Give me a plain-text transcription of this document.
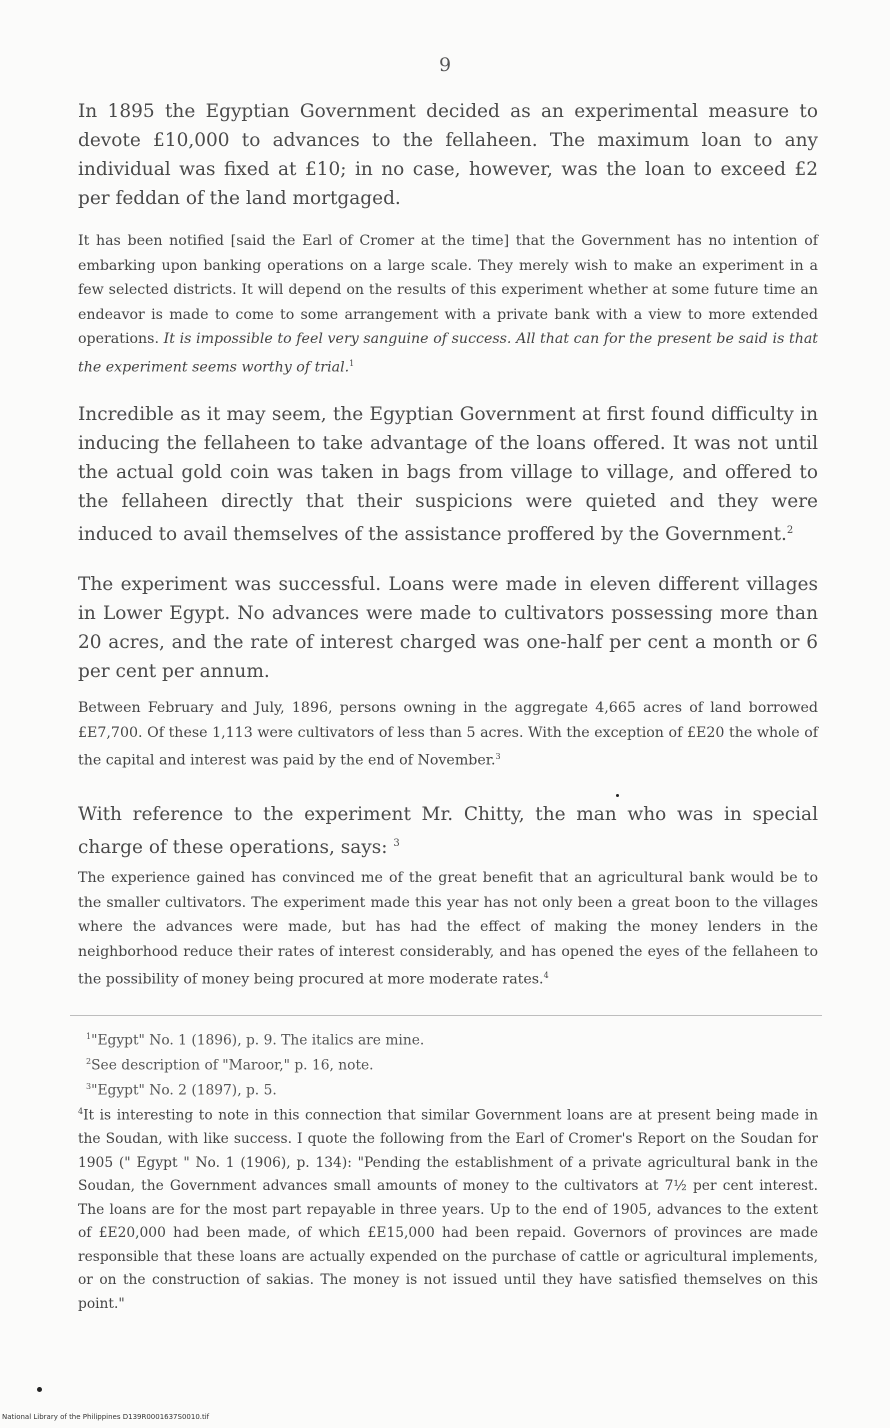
9

In 1895 the Egyptian Government decided as an experimental measure to devote £10,000 to advances to the fellaheen. The maximum loan to any individual was fixed at £10; in no case, however, was the loan to exceed £2 per feddan of the land mortgaged.

It has been notified [said the Earl of Cromer at the time] that the Government has no intention of embarking upon banking operations on a large scale. They merely wish to make an experiment in a few selected districts. It will depend on the results of this experiment whether at some future time an endeavor is made to come to some arrangement with a private bank with a view to more extended operations. It is impossible to feel very sanguine of success. All that can for the present be said is that the experiment seems worthy of trial.$^1$

Incredible as it may seem, the Egyptian Government at first found difficulty in inducing the fellaheen to take advantage of the loans offered. It was not until the actual gold coin was taken in bags from village to village, and offered to the fellaheen directly that their suspicions were quieted and they were induced to avail themselves of the assistance proffered by the Government.$^2$

The experiment was successful. Loans were made in eleven different villages in Lower Egypt. No advances were made to cultivators possessing more than 20 acres, and the rate of interest charged was one-half per cent a month or 6 per cent per annum.

Between February and July, 1896, persons owning in the aggregate 4,665 acres of land borrowed £E7,700. Of these 1,113 were cultivators of less than 5 acres. With the exception of £E20 the whole of the capital and interest was paid by the end of November.$^3$

With reference to the experiment Mr. Chitty, the man who was in special charge of these operations, says: $^3$

The experience gained has convinced me of the great benefit that an agricultural bank would be to the smaller cultivators. The experiment made this year has not only been a great boon to the villages where the advances were made, but has had the effect of making the money lenders in the neighborhood reduce their rates of interest considerably, and has opened the eyes of the fellaheen to the possibility of money being procured at more moderate rates.$^4$

$^1$"Egypt" No. 1 (1896), p. 9. The italics are mine.
$^2$See description of "Maroor," p. 16, note.
$^3$"Egypt" No. 2 (1897), p. 5.

$^4$It is interesting to note in this connection that similar Government loans are at present being made in the Soudan, with like success. I quote the following from the Earl of Cromer's Report on the Soudan for 1905 (" Egypt " No. 1 (1906), p. 134): "Pending the establishment of a private agricultural bank in the Soudan, the Government advances small amounts of money to the cultivators at 7½ per cent interest. The loans are for the most part repayable in three years. Up to the end of 1905, advances to the extent of £E20,000 had been made, of which £E15,000 had been repaid. Governors of provinces are made responsible that these loans are actually expended on the purchase of cattle or agricultural implements, or on the construction of sakias. The money is not issued until they have satisfied themselves on this point."

National Library of the Philippines D139R0001637S0010.tif
